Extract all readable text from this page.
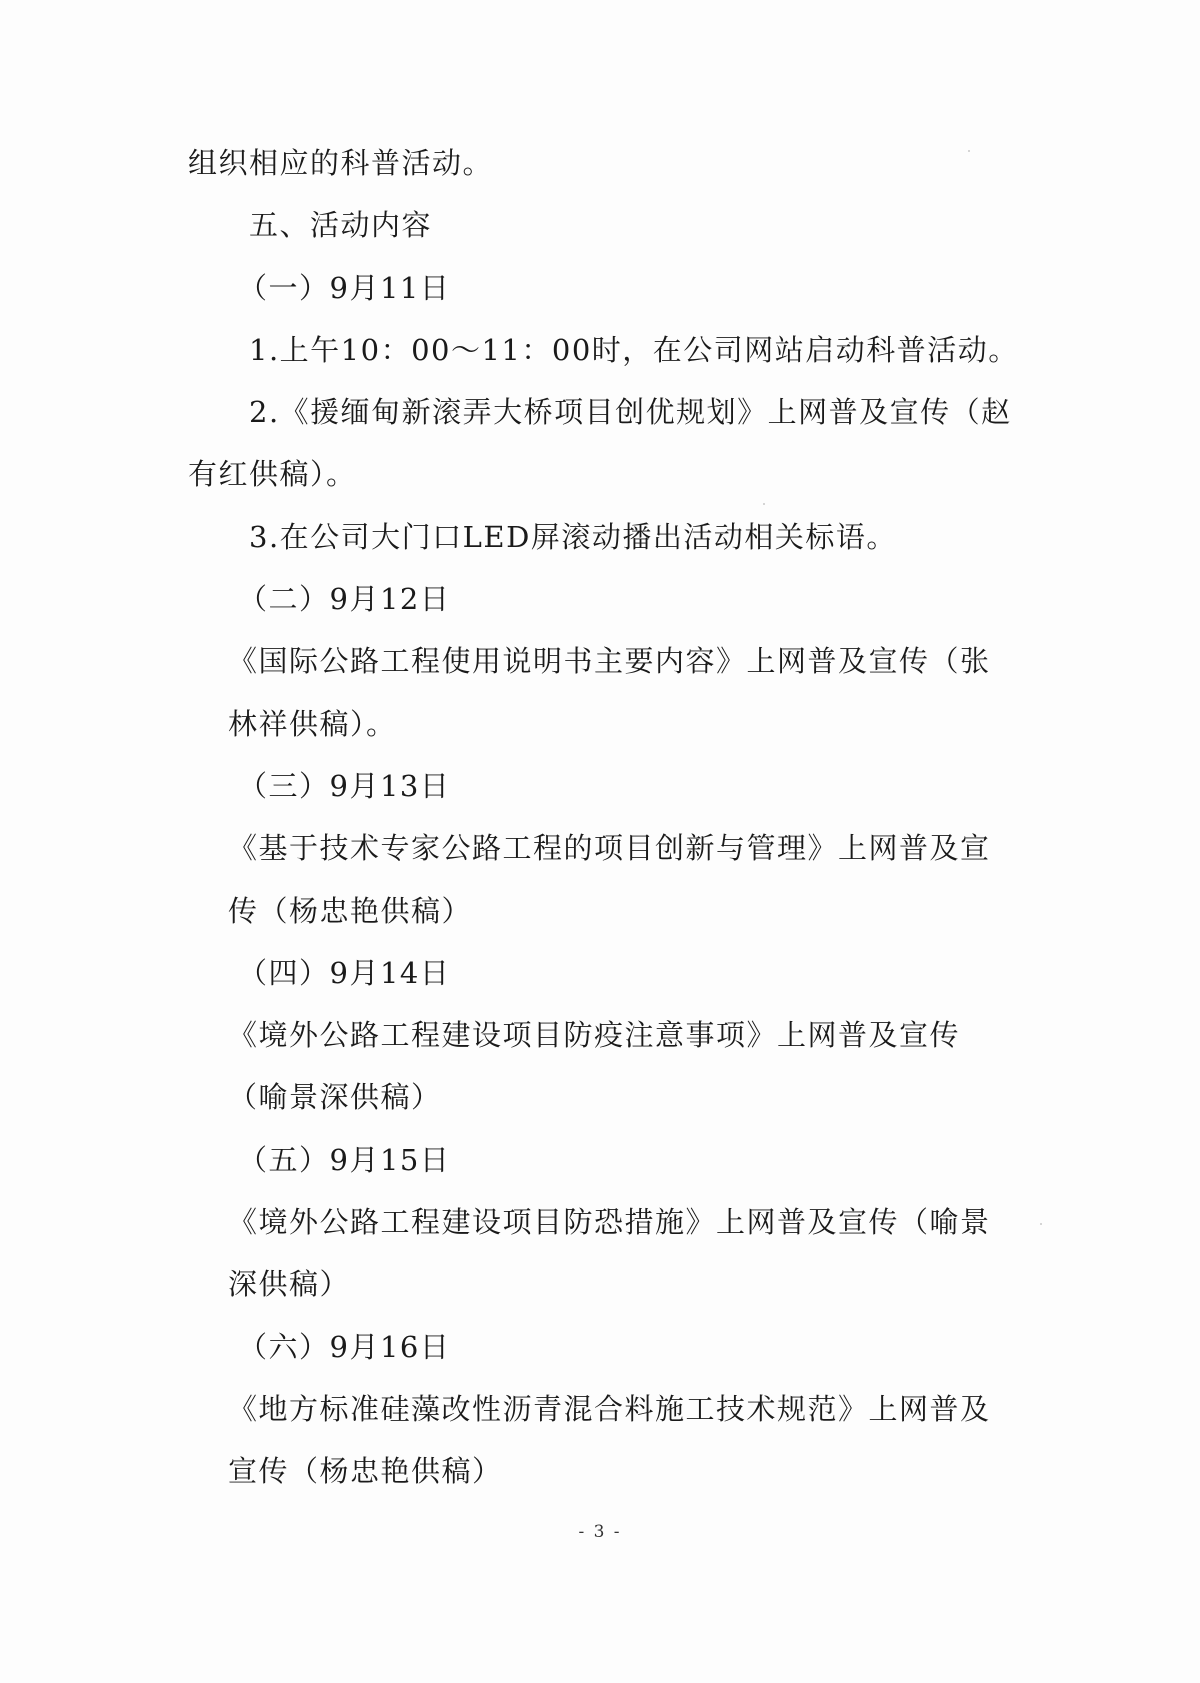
组织相应的科普活动。
五、活动内容
（一）9月11日
1.上午10：00～11：00时，在公司网站启动科普活动。
2.《援缅甸新滚弄大桥项目创优规划》上网普及宣传（赵
有红供稿）。
3.在公司大门口LED屏滚动播出活动相关标语。
（二）9月12日
《国际公路工程使用说明书主要内容》上网普及宣传（张
林祥供稿）。
（三）9月13日
《基于技术专家公路工程的项目创新与管理》上网普及宣
传（杨忠艳供稿）
（四）9月14日
《境外公路工程建设项目防疫注意事项》上网普及宣传
（喻景深供稿）
（五）9月15日
《境外公路工程建设项目防恐措施》上网普及宣传（喻景
深供稿）
（六）9月16日
《地方标准硅藻改性沥青混合料施工技术规范》上网普及
宣传（杨忠艳供稿）
- 3 -
